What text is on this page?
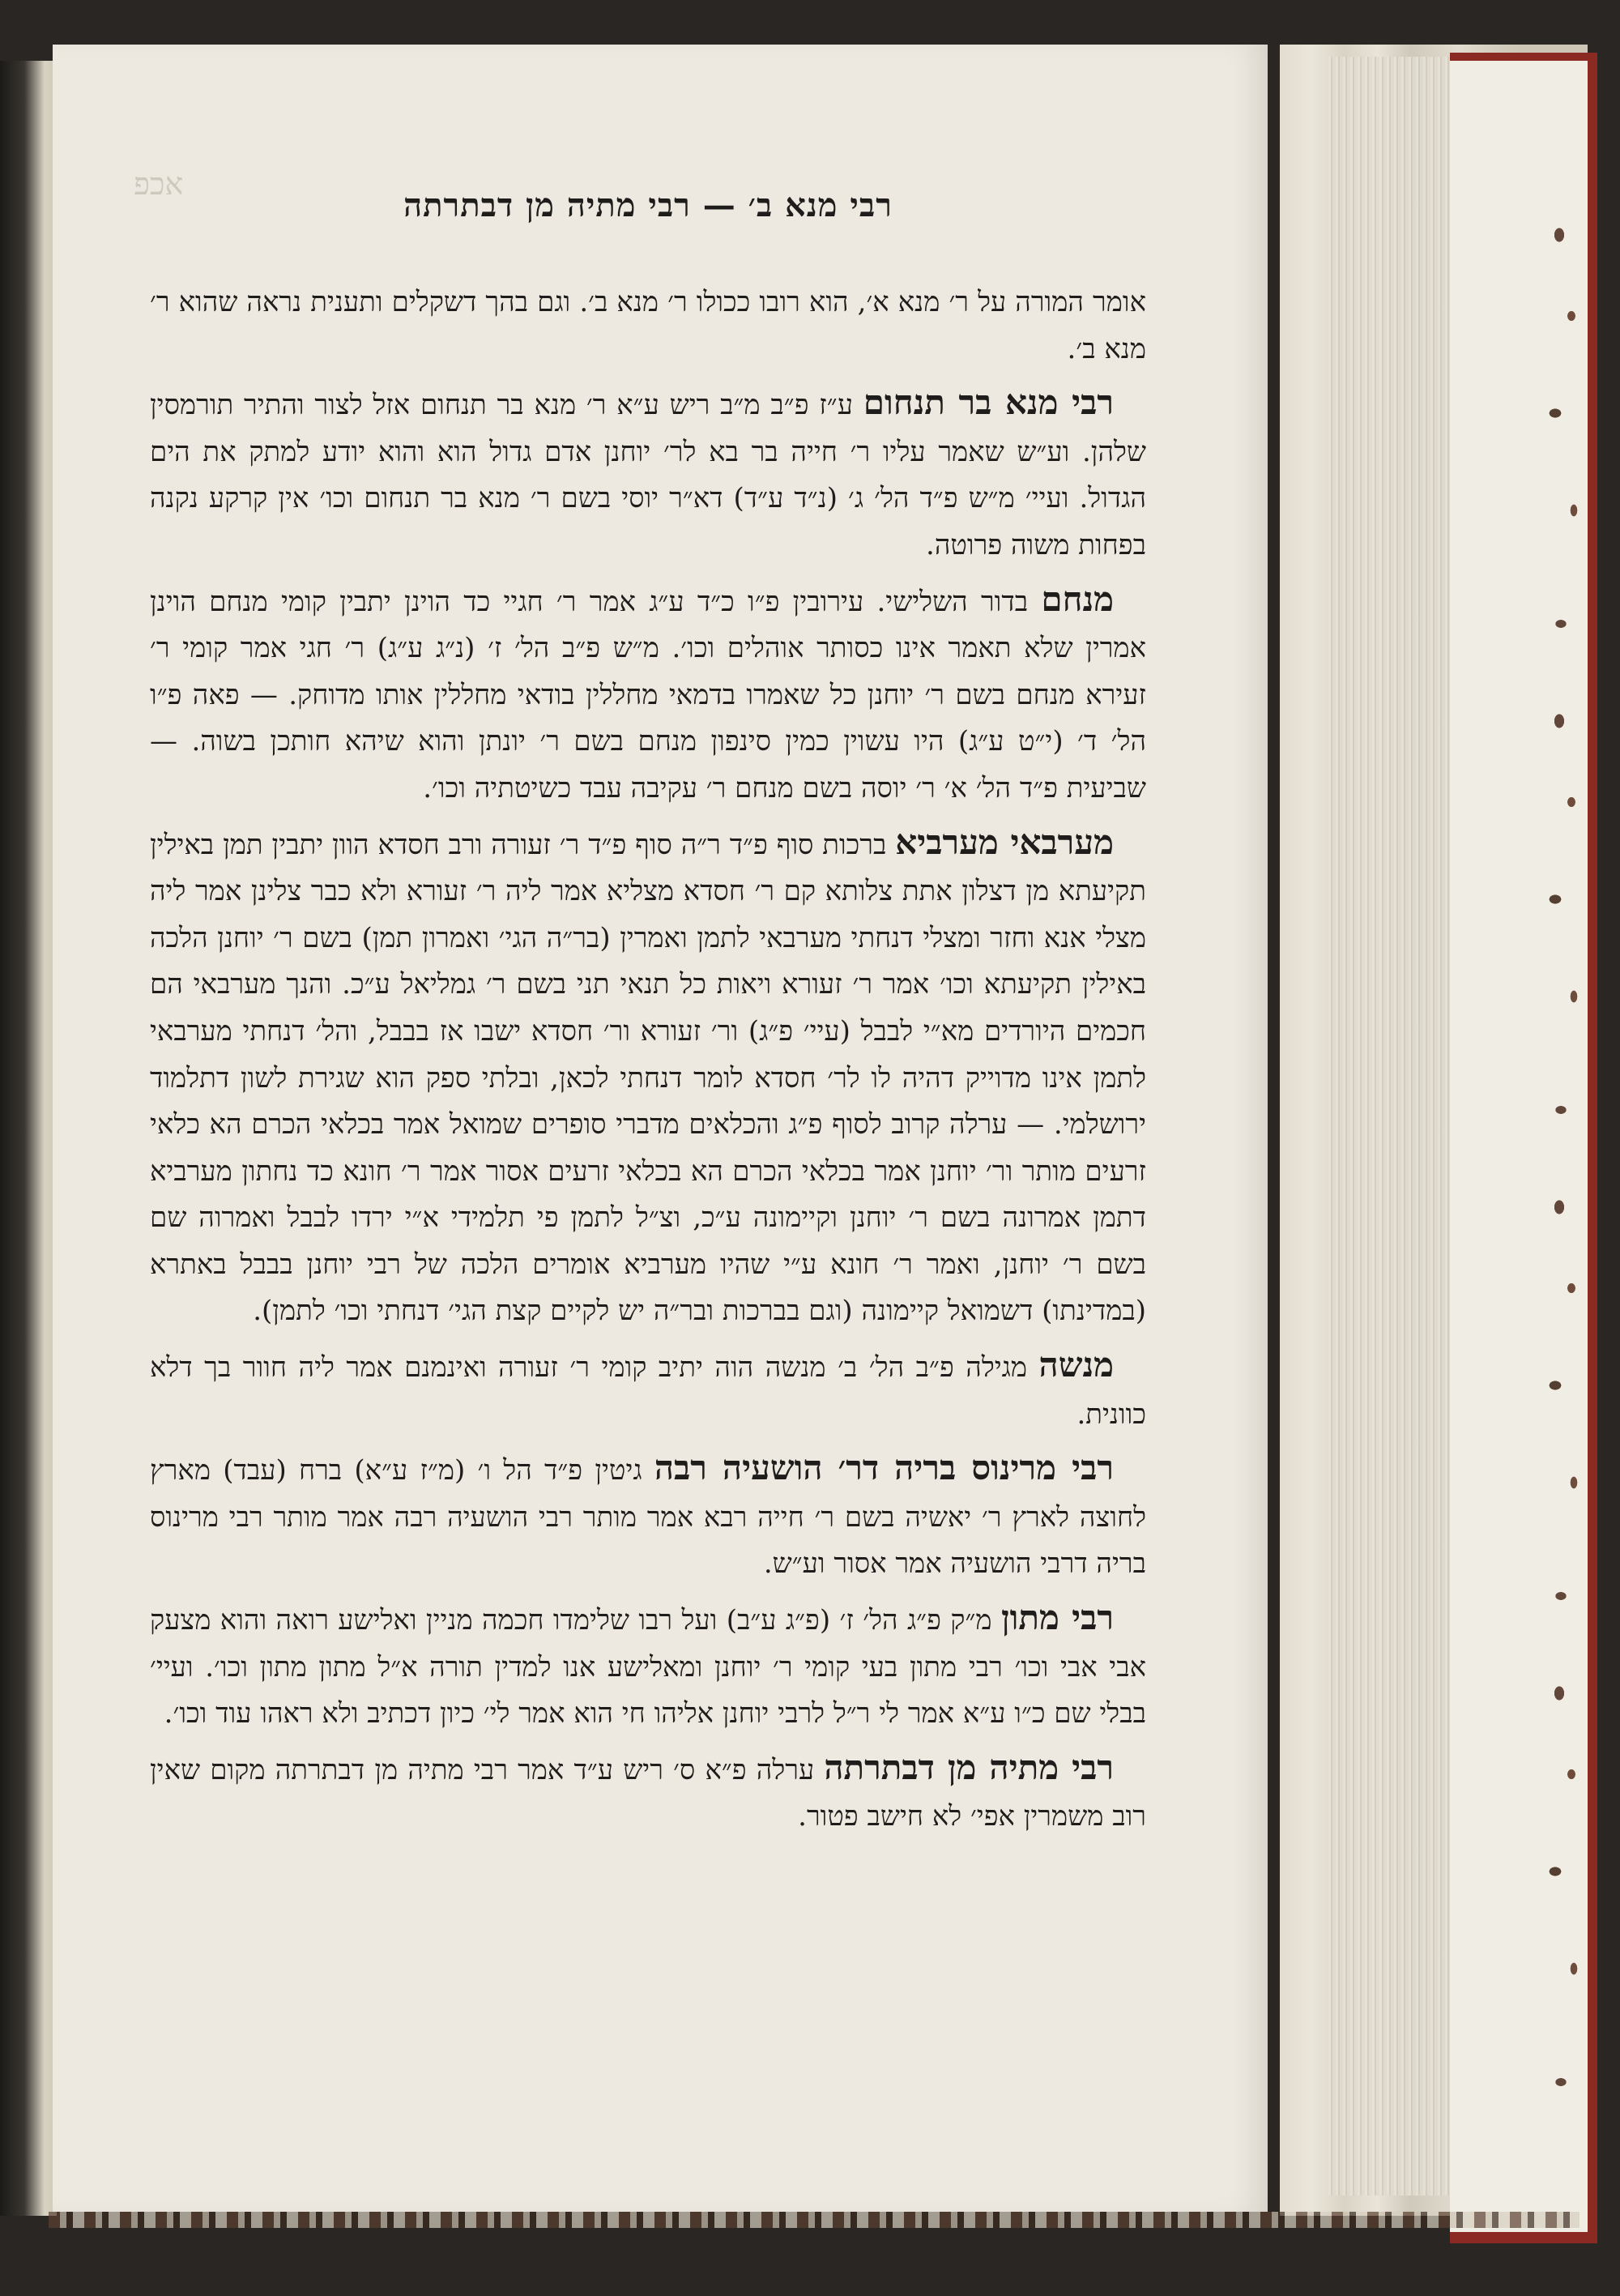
אכפ
רבי מנא ב׳ — רבי מתיה מן דבתרתה

אומר המורה על ר׳ מנא א׳, הוא רובו ככולו ר׳ מנא ב׳. וגם בהך דשקלים ותענית נראה שהוא ר׳ מנא ב׳.

רבי מנא בר תנחום ע״ז פ״ב מ״ב ריש ע״א ר׳ מנא בר תנחום אזל לצור והתיר תורמסין שלהן. וע״ש שאמר עליו ר׳ חייה בר בא לר׳ יוחנן אדם גדול הוא והוא יודע למתק את הים הגדול. ועיי׳ מ״ש פ״ד הל׳ ג׳ (נ״ד ע״ד) דא״ר יוסי בשם ר׳ מנא בר תנחום וכו׳ אין קרקע נקנה בפחות משוה פרוטה.

מנחם בדור השלישי. עירובין פ״ו כ״ד ע״ג אמר ר׳ חגיי כד הוינן יתבין קומי מנחם הוינן אמרין שלא תאמר אינו כסותר אוהלים וכו׳. מ״ש פ״ב הל׳ ז׳ (נ״ג ע״ג) ר׳ חגי אמר קומי ר׳ זעירא מנחם בשם ר׳ יוחנן כל שאמרו בדמאי מחללין בודאי מחללין אותו מדוחק. — פאה פ״ו הל׳ ד׳ (י״ט ע״ג) היו עשוין כמין סינפון מנחם בשם ר׳ יונתן והוא שיהא חותכן בשוה. — שביעית פ״ד הל׳ א׳ ר׳ יוסה בשם מנחם ר׳ עקיבה עבד כשיטתיה וכו׳.

מערבאי מערביא ברכות סוף פ״ד ר״ה סוף פ״ד ר׳ זעורה ורב חסדא הוון יתבין תמן באילין תקיעתא מן דצלון אתת צלותא קם ר׳ חסדא מצליא אמר ליה ר׳ זעורא ולא כבר צלינן אמר ליה מצלי אנא וחזר ומצלי דנחתי מערבאי לתמן ואמרין (בר״ה הגי׳ ואמרון תמן) בשם ר׳ יוחנן הלכה באילין תקיעתא וכו׳ אמר ר׳ זעורא ויאות כל תנאי תני בשם ר׳ גמליאל ע״כ. והנך מערבאי הם חכמים היורדים מא״י לבבל (עיי׳ פ״ג) ור׳ זעורא ור׳ חסדא ישבו אז בבבל, והל׳ דנחתי מערבאי לתמן אינו מדוייק דהיה לו לר׳ חסדא לומר דנחתי לכאן, ובלתי ספק הוא שגירת לשון דתלמוד ירושלמי. — ערלה קרוב לסוף פ״ג והכלאים מדברי סופרים שמואל אמר בכלאי הכרם הא כלאי זרעים מותר ור׳ יוחנן אמר בכלאי הכרם הא בכלאי זרעים אסור אמר ר׳ חונא כד נחתון מערביא דתמן אמרונה בשם ר׳ יוחנן וקיימונה ע״כ, וצ״ל לתמן פי תלמידי א״י ירדו לבבל ואמרוה שם בשם ר׳ יוחנן, ואמר ר׳ חונא ע״י שהיו מערביא אומרים הלכה של רבי יוחנן בבבל באתרא (במדינתו) דשמואל קיימונה (וגם בברכות ובר״ה יש לקיים קצת הגי׳ דנחתי וכו׳ לתמן).

מנשה מגילה פ״ב הל׳ ב׳ מנשה הוה יתיב קומי ר׳ זעורה ואינמנם אמר ליה חוור בך דלא כוונית.

רבי מרינוס בריה דר׳ הושעיה רבה גיטין פ״ד הל ו׳ (מ״ז ע״א) ברח (עבד) מארץ לחוצה לארץ ר׳ יאשיה בשם ר׳ חייה רבא אמר מותר רבי הושעיה רבה אמר מותר רבי מרינוס בריה דרבי הושעיה אמר אסור וע״ש.

רבי מתון מ״ק פ״ג הל׳ ז׳ (פ״ג ע״ב) ועל רבו שלימדו חכמה מניין ואלישע רואה והוא מצעק אבי אבי וכו׳ רבי מתון בעי קומי ר׳ יוחנן ומאלישע אנו למדין תורה א״ל מתון מתון וכו׳. ועיי׳ בבלי שם כ״ו ע״א אמר לי ר״ל לרבי יוחנן אליהו חי הוא אמר לי׳ כיון דכתיב ולא ראהו עוד וכו׳.

רבי מתיה מן דבתרתה ערלה פ״א ס׳ ריש ע״ד אמר רבי מתיה מן דבתרתה מקום שאין רוב משמרין אפי׳ לא חישב פטור.
